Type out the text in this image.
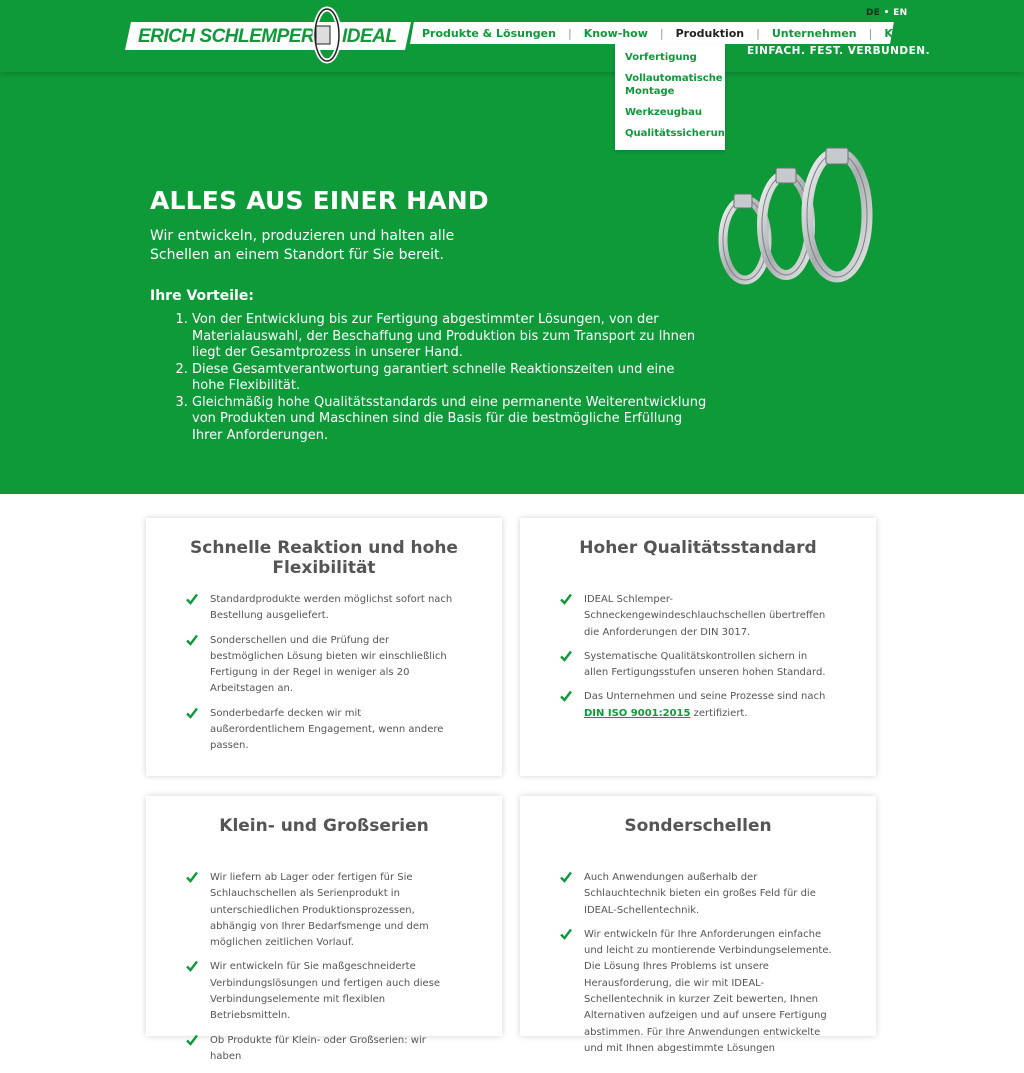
ERICH SCHLEMPER IDEAL
DE • EN
Produkte & Lösungen	|	Know-how	|	Produktion	|	Unternehmen	|	Kontakt & Service
EINFACH. FEST. VERBUNDEN.
Vorfertigung
Vollautomatische Montage
Werkzeugbau
Qualitätssicherung
ALLES AUS EINER HAND
Wir entwickeln, produzieren und halten alle Schellen an einem Standort für Sie bereit.
Ihre Vorteile:
1. Von der Entwicklung bis zur Fertigung abgestimmter Lösungen, von der Materialauswahl, der Beschaffung und Produktion bis zum Transport zu Ihnen liegt der Gesamtprozess in unserer Hand.
2. Diese Gesamtverantwortung garantiert schnelle Reaktionszeiten und eine hohe Flexibilität.
3. Gleichmäßig hohe Qualitätsstandards und eine permanente Weiterentwicklung von Produkten und Maschinen sind die Basis für die bestmögliche Erfüllung Ihrer Anforderungen.
Schnelle Reaktion und hohe Flexibilität
Standardprodukte werden möglichst sofort nach Bestellung ausgeliefert.
Sonderschellen und die Prüfung der bestmöglichen Lösung bieten wir einschließlich Fertigung in der Regel in weniger als 20 Arbeitstagen an.
Sonderbedarfe decken wir mit außerordentlichem Engagement, wenn andere passen.
Hoher Qualitätsstandard
IDEAL Schlemper-Schneckengewindeschlauchschellen übertreffen die Anforderungen der DIN 3017.
Systematische Qualitätskontrollen sichern in allen Fertigungsstufen unseren hohen Standard.
Das Unternehmen und seine Prozesse sind nach DIN ISO 9001:2015 zertifiziert.
Klein- und Großserien
Wir liefern ab Lager oder fertigen für Sie Schlauchschellen als Serienprodukt in unterschiedlichen Produktionsprozessen, abhängig von Ihrer Bedarfsmenge und dem möglichen zeitlichen Vorlauf.
Wir entwickeln für Sie maßgeschneiderte Verbindungslösungen und fertigen auch diese Verbindungselemente mit flexiblen Betriebsmitteln.
Ob Produkte für Klein- oder Großserien: wir haben
Sonderschellen
Auch Anwendungen außerhalb der Schlauchtechnik bieten ein großes Feld für die IDEAL-Schellentechnik.
Wir entwickeln für Ihre Anforderungen einfache und leicht zu montierende Verbindungselemente. Die Lösung Ihres Problems ist unsere Herausforderung, die wir mit IDEAL-Schellentechnik in kurzer Zeit bewerten, Ihnen Alternativen aufzeigen und auf unsere Fertigung abstimmen. Für Ihre Anwendungen entwickelte und mit Ihnen abgestimmte Lösungen
